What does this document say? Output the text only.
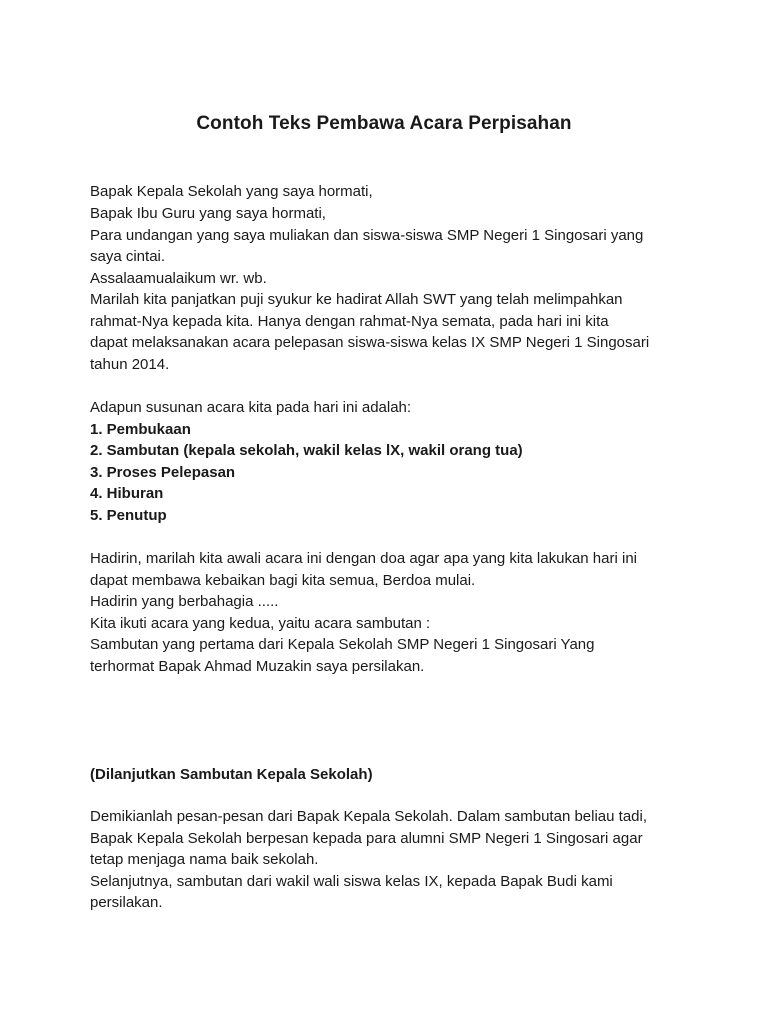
Contoh Teks Pembawa Acara Perpisahan
Bapak Kepala Sekolah yang saya hormati,
Bapak Ibu Guru yang saya hormati,
Para undangan yang saya muliakan dan siswa-siswa SMP Negeri 1 Singosari yang
saya cintai.
Assalaamualaikum wr. wb.
Marilah kita panjatkan puji syukur ke hadirat Allah SWT yang telah melimpahkan
rahmat-Nya kepada kita. Hanya dengan rahmat-Nya semata, pada hari ini kita
dapat melaksanakan acara pelepasan siswa-siswa kelas IX SMP Negeri 1 Singosari
tahun 2014.
Adapun susunan acara kita pada hari ini adalah:
1. Pembukaan
2. Sambutan (kepala sekolah, wakil kelas lX, wakil orang tua)
3. Proses Pelepasan
4. Hiburan
5. Penutup
Hadirin, marilah kita awali acara ini dengan doa agar apa yang kita lakukan hari ini
dapat membawa kebaikan bagi kita semua, Berdoa mulai.
Hadirin yang berbahagia .....
Kita ikuti acara yang kedua, yaitu acara sambutan :
Sambutan yang pertama dari Kepala Sekolah SMP Negeri 1 Singosari Yang
terhormat Bapak Ahmad Muzakin saya persilakan.
(Dilanjutkan Sambutan Kepala Sekolah)
Demikianlah pesan-pesan dari Bapak Kepala Sekolah. Dalam sambutan beliau tadi,
Bapak Kepala Sekolah berpesan kepada para alumni SMP Negeri 1 Singosari agar
tetap menjaga nama baik sekolah.
Selanjutnya, sambutan dari wakil wali siswa kelas IX, kepada Bapak Budi kami
persilakan.
